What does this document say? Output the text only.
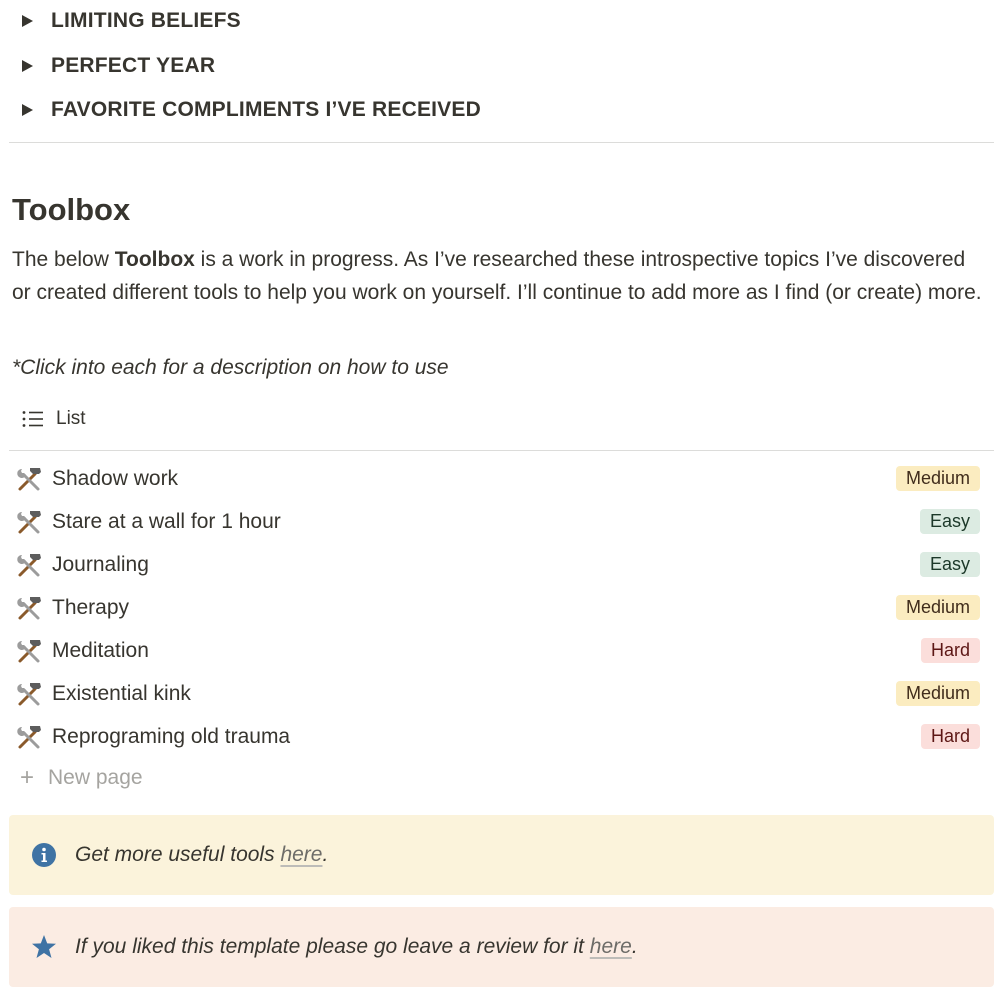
LIMITING BELIEFS
PERFECT YEAR
FAVORITE COMPLIMENTS I’VE RECEIVED
Toolbox

The below Toolbox is a work in progress. As I’ve researched these introspective topics I’ve discovered or created different tools to help you work on yourself. I’ll continue to add more as I find (or create) more.

*Click into each for a description on how to use
List
Shadow work	Medium
Stare at a wall for 1 hour	Easy
Journaling	Easy
Therapy	Medium
Meditation	Hard
Existential kink	Medium
Reprograming old trauma	Hard
+ New page
Get more useful tools here.
If you liked this template please go leave a review for it here.
